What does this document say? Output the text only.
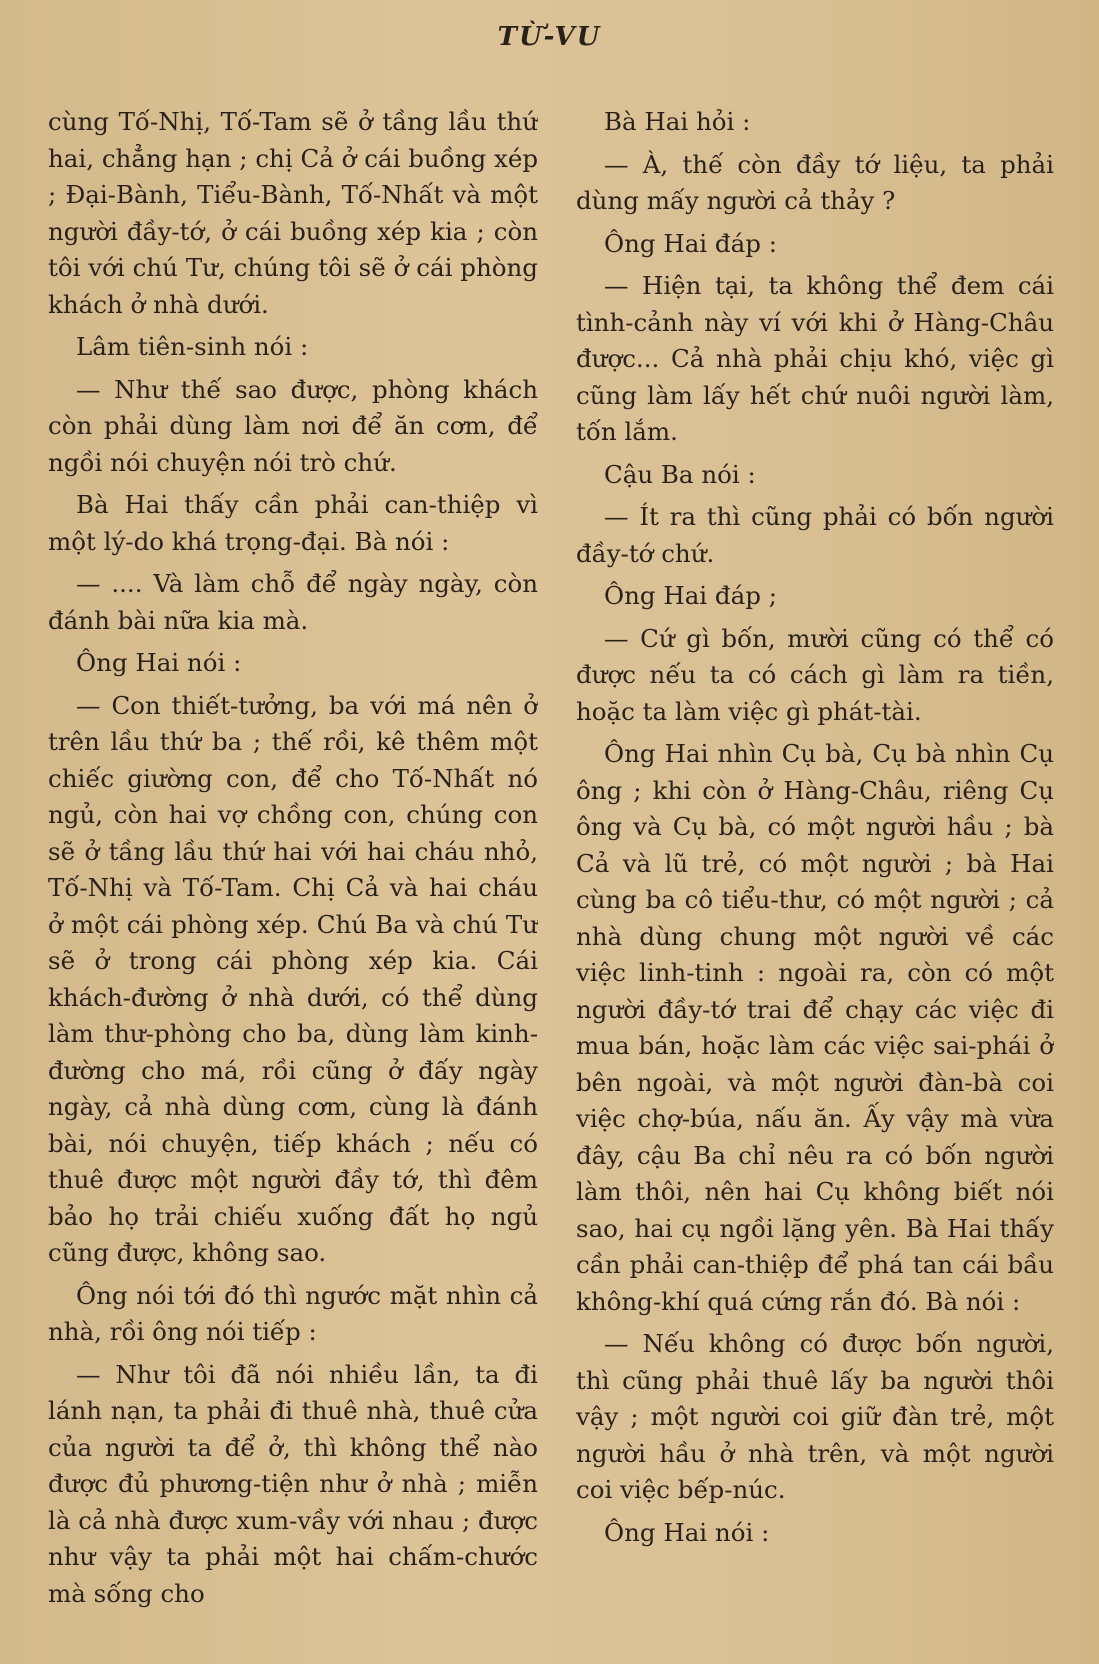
TỪ-VU

cùng Tố-Nhị, Tố-Tam sẽ ở tầng lầu thứ hai, chẳng hạn ; chị Cả ở cái buồng xép ; Đại-Bành, Tiểu-Bành, Tố-Nhất và một người đầy-tớ, ở cái buồng xép kia ; còn tôi với chú Tư, chúng tôi sẽ ở cái phòng khách ở nhà dưới.

Lâm tiên-sinh nói :

— Như thế sao được, phòng khách còn phải dùng làm nơi để ăn cơm, để ngồi nói chuyện nói trò chứ.

Bà Hai thấy cần phải can-thiệp vì một lý-do khá trọng-đại. Bà nói :

— .... Và làm chỗ để ngày ngày, còn đánh bài nữa kia mà.

Ông Hai nói :

— Con thiết-tưởng, ba với má nên ở trên lầu thứ ba ; thế rồi, kê thêm một chiếc giường con, để cho Tố-Nhất nó ngủ, còn hai vợ chồng con, chúng con sẽ ở tầng lầu thứ hai với hai cháu nhỏ, Tố-Nhị và Tố-Tam. Chị Cả và hai cháu ở một cái phòng xép. Chú Ba và chú Tư sẽ ở trong cái phòng xép kia. Cái khách-đường ở nhà dưới, có thể dùng làm thư-phòng cho ba, dùng làm kinh-đường cho má, rồi cũng ở đấy ngày ngày, cả nhà dùng cơm, cùng là đánh bài, nói chuyện, tiếp khách ; nếu có thuê được một người đầy tớ, thì đêm bảo họ trải chiếu xuống đất họ ngủ cũng được, không sao.

Ông nói tới đó thì ngước mặt nhìn cả nhà, rồi ông nói tiếp :

— Như tôi đã nói nhiều lần, ta đi lánh nạn, ta phải đi thuê nhà, thuê cửa của người ta để ở, thì không thể nào được đủ phương-tiện như ở nhà ; miễn là cả nhà được xum-vầy với nhau ; được như vậy ta phải một hai chấm-chước mà sống cho

Bà Hai hỏi :

— À, thế còn đầy tớ liệu, ta phải dùng mấy người cả thảy ?

Ông Hai đáp :

— Hiện tại, ta không thể đem cái tình-cảnh này ví với khi ở Hàng-Châu được... Cả nhà phải chịu khó, việc gì cũng làm lấy hết chứ nuôi người làm, tốn lắm.

Cậu Ba nói :

— Ít ra thì cũng phải có bốn người đầy-tớ chứ.

Ông Hai đáp ;

— Cứ gì bốn, mười cũng có thể có được nếu ta có cách gì làm ra tiền, hoặc ta làm việc gì phát-tài.

Ông Hai nhìn Cụ bà, Cụ bà nhìn Cụ ông ; khi còn ở Hàng-Châu, riêng Cụ ông và Cụ bà, có một người hầu ; bà Cả và lũ trẻ, có một người ; bà Hai cùng ba cô tiểu-thư, có một người ; cả nhà dùng chung một người về các việc linh-tinh : ngoài ra, còn có một người đầy-tớ trai để chạy các việc đi mua bán, hoặc làm các việc sai-phái ở bên ngoài, và một người đàn-bà coi việc chợ-búa, nấu ăn. Ấy vậy mà vừa đây, cậu Ba chỉ nêu ra có bốn người làm thôi, nên hai Cụ không biết nói sao, hai cụ ngồi lặng yên. Bà Hai thấy cần phải can-thiệp để phá tan cái bầu không-khí quá cứng rắn đó. Bà nói :

— Nếu không có được bốn người, thì cũng phải thuê lấy ba người thôi vậy ; một người coi giữ đàn trẻ, một người hầu ở nhà trên, và một người coi việc bếp-núc.

Ông Hai nói :
